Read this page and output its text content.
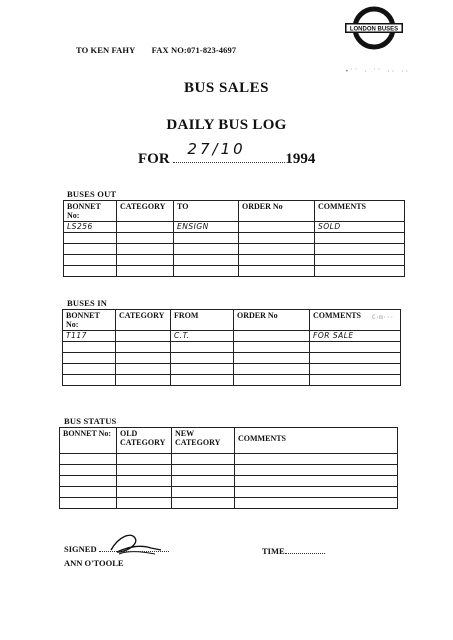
LONDON BUSES
•′′ · ′′ ·· ··
TO KEN FAHY FAX NO:071-823-4697
BUS SALES
DAILY BUS LOG
FOR
27/10
1994
BUSES OUT
BONNET No:	CATEGORY	TO	ORDER No	COMMENTS
LS256		ENSIGN		SOLD

BUSES IN
BONNET No:	CATEGORY	FROM	ORDER No	COMMENTS
T117		C.T.		FOR SALE

C·m···
BUS STATUS
BONNET No:	OLD CATEGORY	NEW CATEGORY	COMMENTS

SIGNED
ANN O'TOOLE
TIME
